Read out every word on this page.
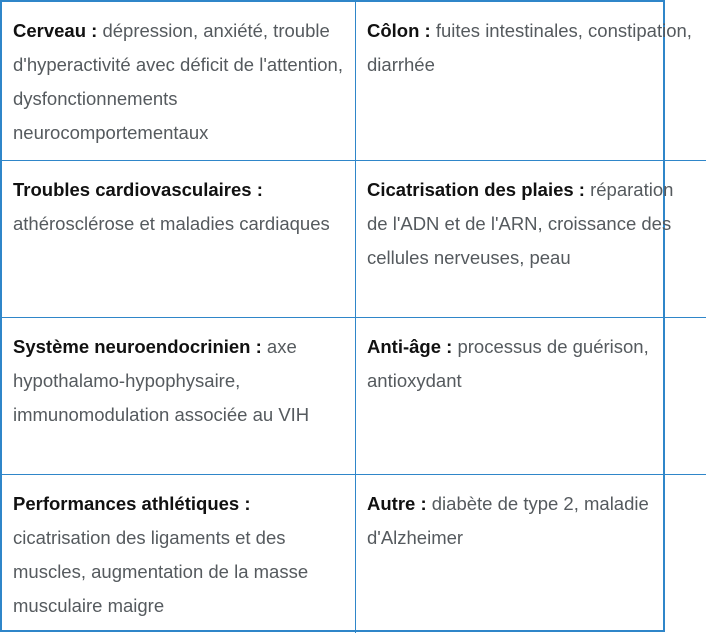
Cerveau : dépression, anxiété, trouble d'hyperactivité avec déficit de l'attention, dysfonctionnements neurocomportementaux	Côlon : fuites intestinales, constipation, diarrhée
Troubles cardiovasculaires : athérosclérose et maladies cardiaques	Cicatrisation des plaies : réparation de l'ADN et de l'ARN, croissance des cellules nerveuses, peau
Système neuroendocrinien : axe hypothalamo-hypophysaire, immunomodulation associée au VIH	Anti-âge : processus de guérison, antioxydant
Performances athlétiques : cicatrisation des ligaments et des muscles, augmentation de la masse musculaire maigre	Autre : diabète de type 2, maladie d'Alzheimer
